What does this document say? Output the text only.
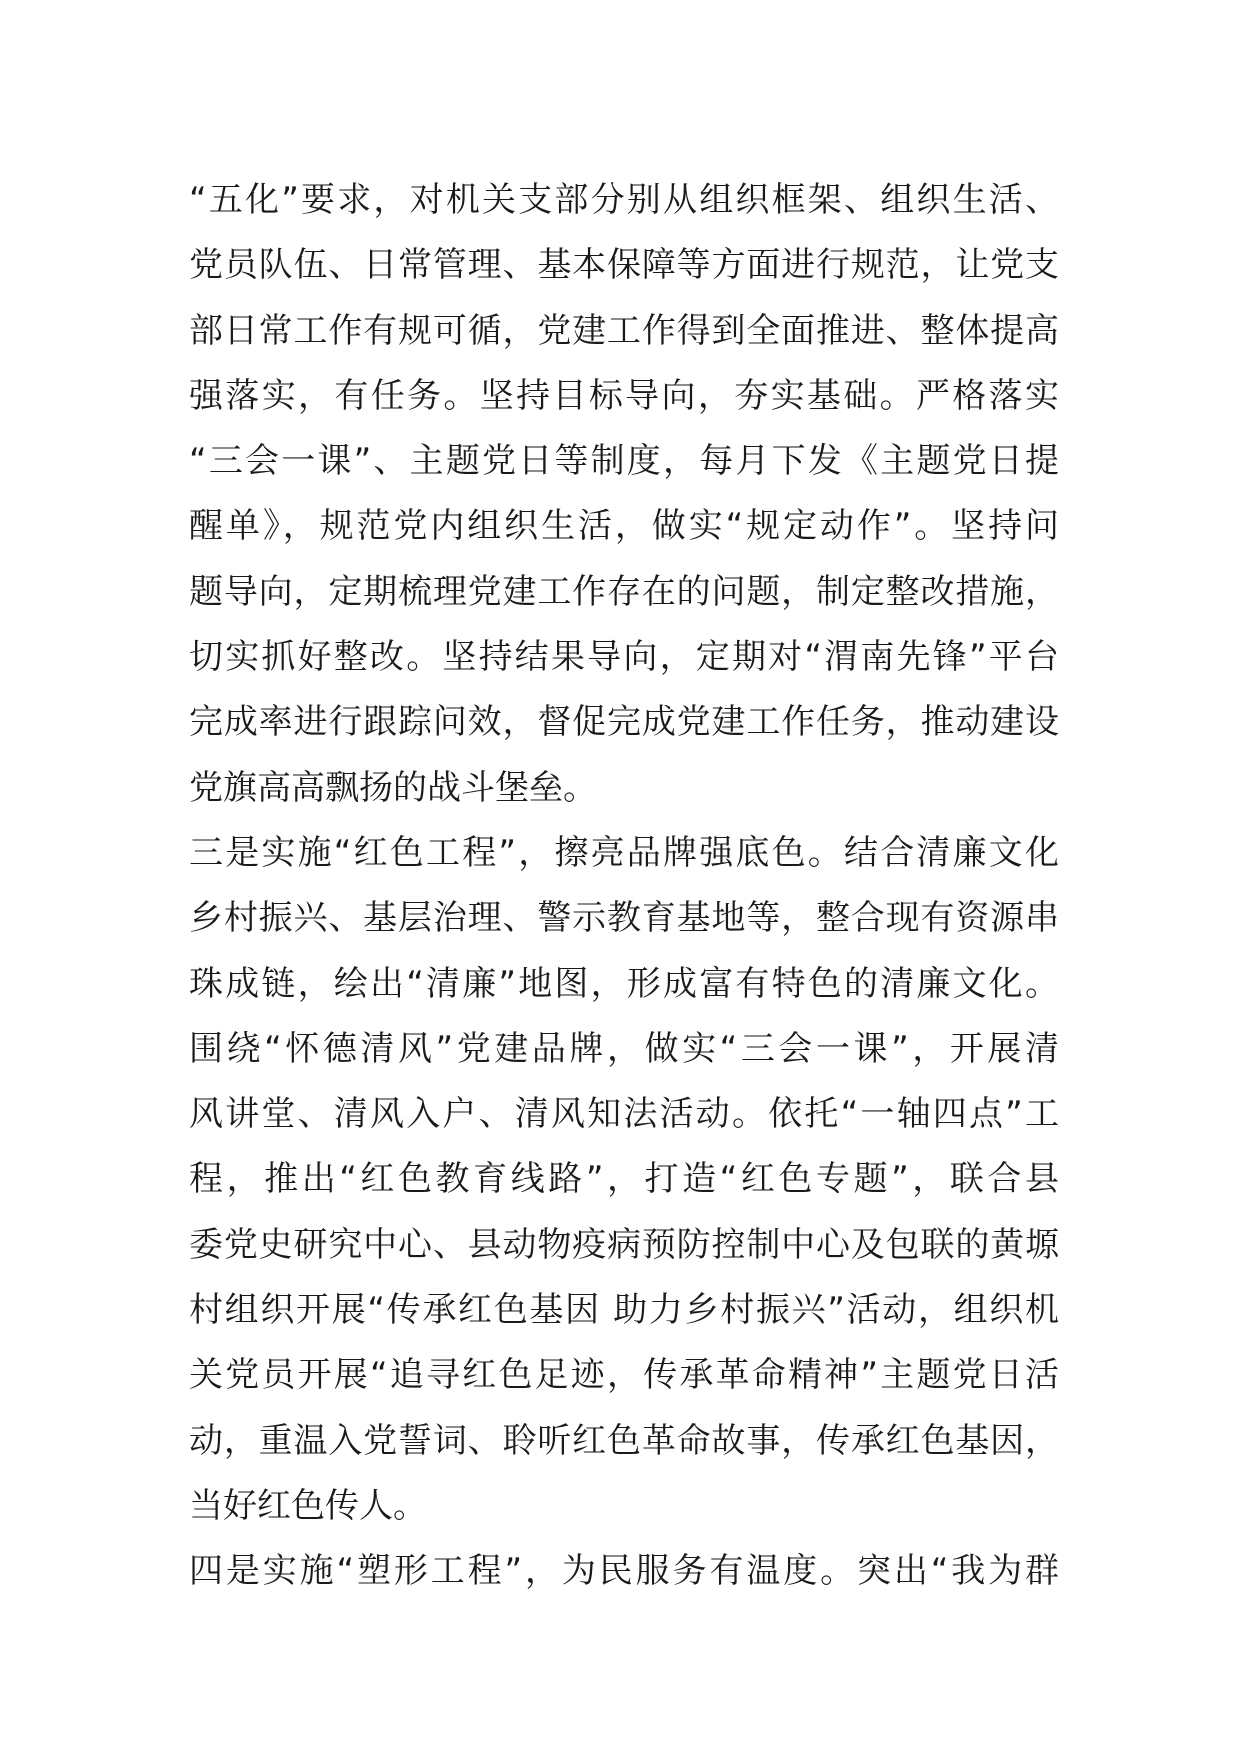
“五化”要求，对机关支部分别从组织框架、组织生活、
党员队伍、日常管理、基本保障等方面进行规范，让党支
部日常工作有规可循，党建工作得到全面推进、整体提高
强落实，有任务。坚持目标导向，夯实基础。严格落实
“三会一课”、主题党日等制度，每月下发《主题党日提
醒单》，规范党内组织生活，做实“规定动作”。坚持问
题导向，定期梳理党建工作存在的问题，制定整改措施，
切实抓好整改。坚持结果导向，定期对“渭南先锋”平台
完成率进行跟踪问效，督促完成党建工作任务，推动建设
党旗高高飘扬的战斗堡垒。
三是实施“红色工程”，擦亮品牌强底色。结合清廉文化
乡村振兴、基层治理、警示教育基地等，整合现有资源串
珠成链，绘出“清廉”地图，形成富有特色的清廉文化。
围绕“怀德清风”党建品牌，做实“三会一课”，开展清
风讲堂、清风入户、清风知法活动。依托“一轴四点”工
程，推出“红色教育线路”，打造“红色专题”，联合县
委党史研究中心、县动物疫病预防控制中心及包联的黄塬
村组织开展“传承红色基因 助力乡村振兴”活动，组织机
关党员开展“追寻红色足迹，传承革命精神”主题党日活
动，重温入党誓词、聆听红色革命故事，传承红色基因，
当好红色传人。
四是实施“塑形工程”，为民服务有温度。突出“我为群
